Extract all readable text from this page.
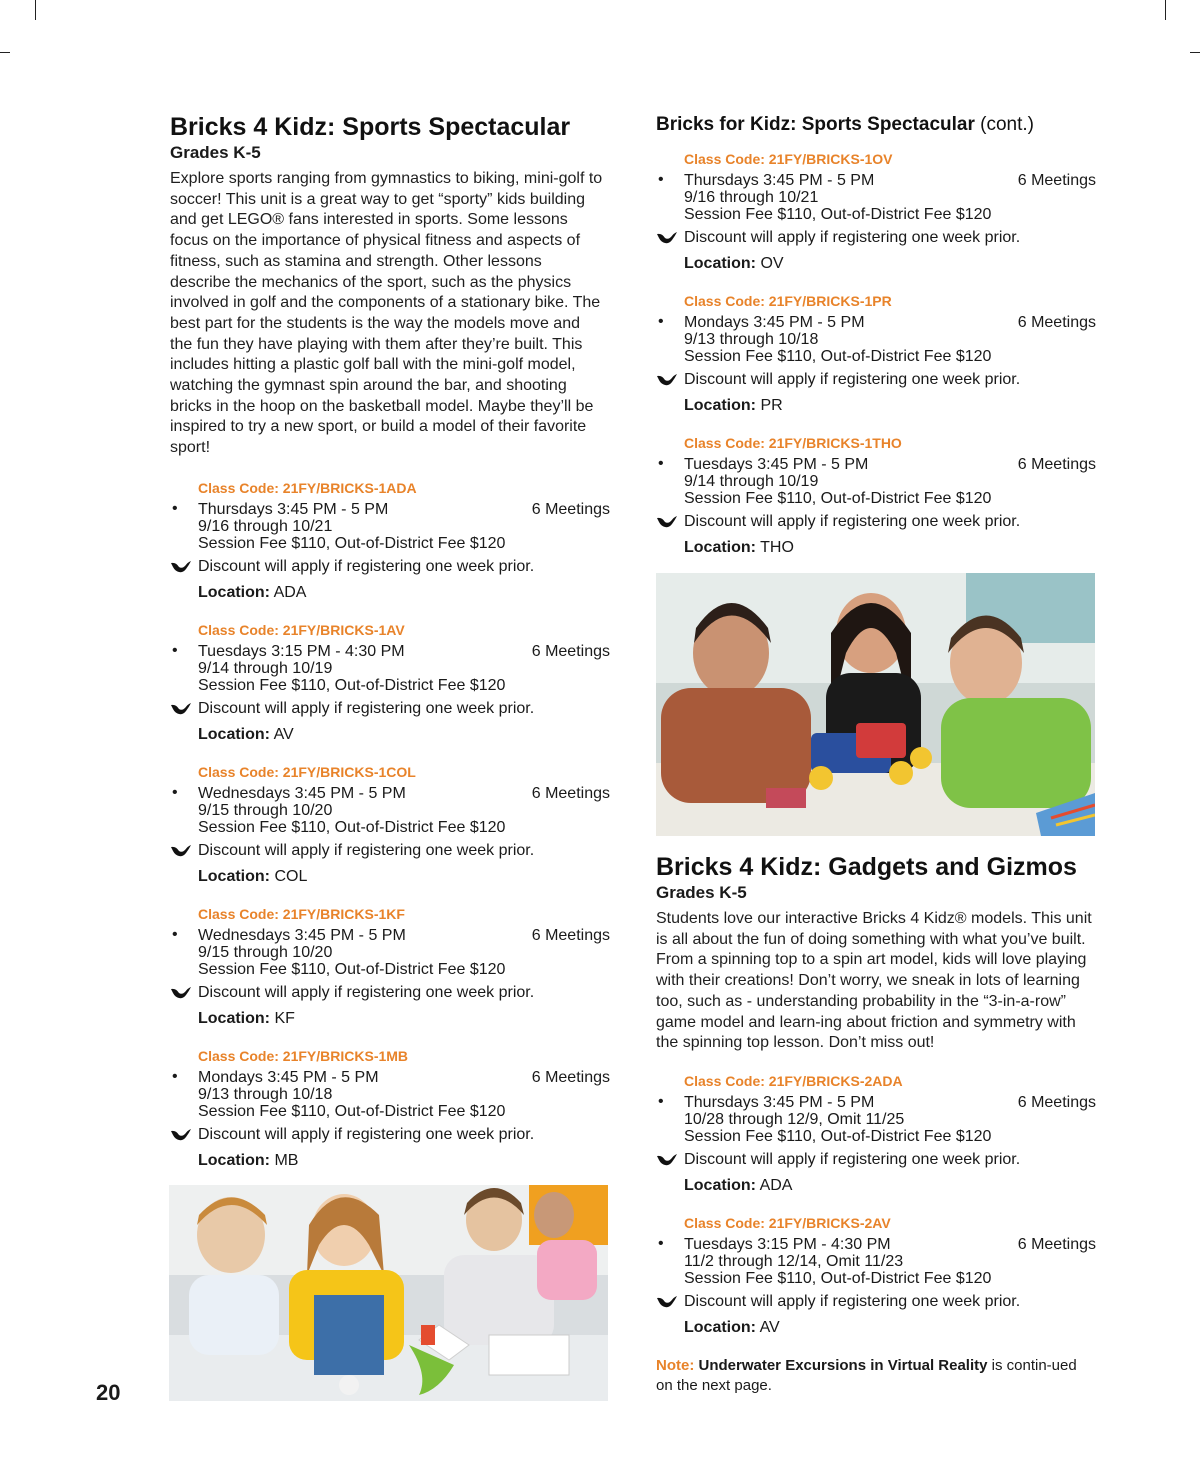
Bricks 4 Kidz: Sports Spectacular
Grades K-5

Explore sports ranging from gymnastics to biking, mini-golf to soccer! This unit is a great way to get “sporty” kids building and get LEGO® fans interested in sports. Some lessons focus on the importance of physical fitness and aspects of fitness, such as stamina and strength. Other lessons describe the mechanics of the sport, such as the physics involved in golf and the components of a stationary bike. The best part for the students is the way the models move and the fun they have playing with them after they’re built. This includes hitting a plastic golf ball with the mini-golf model, watching the gymnast spin around the bar, and shooting bricks in the hoop on the basketball model. Maybe they’ll be inspired to try a new sport, or build a model of their favorite sport!

Class Code: 21FY/BRICKS-1ADA
• Thursdays 3:45 PM - 5 PM	6 Meetings
9/16 through 10/21
Session Fee $110, Out-of-District Fee $120
Discount will apply if registering one week prior.
Location: ADA
Class Code: 21FY/BRICKS-1AV
• Tuesdays 3:15 PM - 4:30 PM	6 Meetings
9/14 through 10/19
Session Fee $110, Out-of-District Fee $120
Discount will apply if registering one week prior.
Location: AV
Class Code: 21FY/BRICKS-1COL
• Wednesdays 3:45 PM - 5 PM	6 Meetings
9/15 through 10/20
Session Fee $110, Out-of-District Fee $120
Discount will apply if registering one week prior.
Location: COL
Class Code: 21FY/BRICKS-1KF
• Wednesdays 3:45 PM - 5 PM	6 Meetings
9/15 through 10/20
Session Fee $110, Out-of-District Fee $120
Discount will apply if registering one week prior.
Location: KF
Class Code: 21FY/BRICKS-1MB
• Mondays 3:45 PM - 5 PM	6 Meetings
9/13 through 10/18
Session Fee $110, Out-of-District Fee $120
Discount will apply if registering one week prior.
Location: MB
Bricks for Kidz: Sports Spectacular (cont.)
Class Code: 21FY/BRICKS-1OV
• Thursdays 3:45 PM - 5 PM	6 Meetings
9/16 through 10/21
Session Fee $110, Out-of-District Fee $120
Discount will apply if registering one week prior.
Location: OV
Class Code: 21FY/BRICKS-1PR
• Mondays 3:45 PM - 5 PM	6 Meetings
9/13 through 10/18
Session Fee $110, Out-of-District Fee $120
Discount will apply if registering one week prior.
Location: PR
Class Code: 21FY/BRICKS-1THO
• Tuesdays 3:45 PM - 5 PM	6 Meetings
9/14 through 10/19
Session Fee $110, Out-of-District Fee $120
Discount will apply if registering one week prior.
Location: THO
Bricks 4 Kidz: Gadgets and Gizmos
Grades K-5

Students love our interactive Bricks 4 Kidz® models. This unit is all about the fun of doing something with what you’ve built. From a spinning top to a spin art model, kids will love playing with their creations! Don’t worry, we sneak in lots of learning too, such as - understanding probability in the “3-in-a-row” game model and learn-ing about friction and symmetry with the spinning top lesson. Don’t miss out!

Class Code: 21FY/BRICKS-2ADA
• Thursdays 3:45 PM - 5 PM	6 Meetings
10/28 through 12/9, Omit 11/25
Session Fee $110, Out-of-District Fee $120
Discount will apply if registering one week prior.
Location: ADA
Class Code: 21FY/BRICKS-2AV
• Tuesdays 3:15 PM - 4:30 PM	6 Meetings
11/2 through 12/14, Omit 11/23
Session Fee $110, Out-of-District Fee $120
Discount will apply if registering one week prior.
Location: AV
Note: Underwater Excursions in Virtual Reality is contin-ued on the next page.
20
